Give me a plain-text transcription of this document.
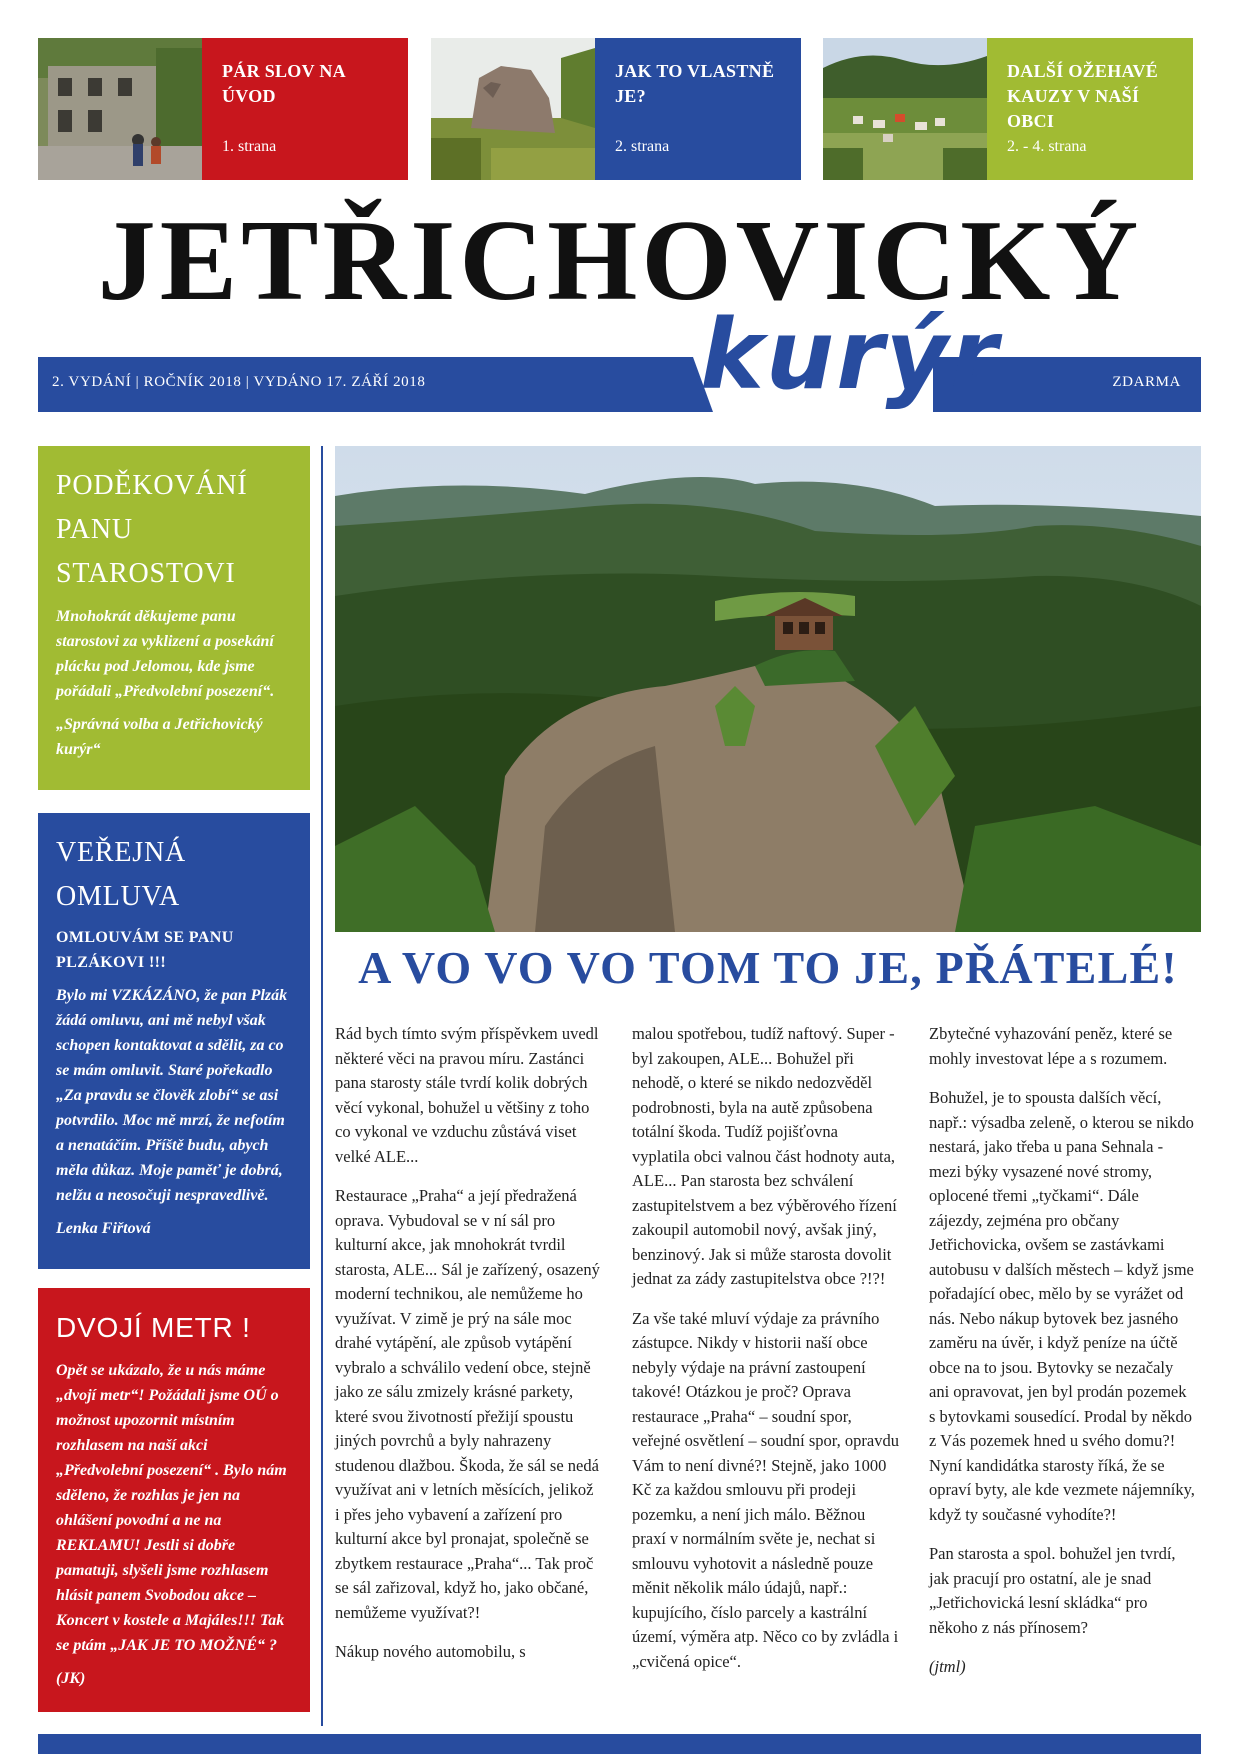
PÁR SLOV NA ÚVOD
1. strana
JAK TO VLASTNĚ JE?
2. strana
DALŠÍ OŽEHAVÉ KAUZY V NAŠÍ OBCI
2. - 4. strana
JETŘICHOVICKÝ
2. VYDÁNÍ | ROČNÍK 2018 | VYDÁNO 17. ZÁŘÍ 2018	ZDARMA
kurýr
PODĚKOVÁNÍ PANU STAROSTOVI

Mnohokrát děkujeme panu starostovi za vyklizení a posekání plácku pod Jelomou, kde jsme pořádali „Předvolební posezení“.

„Správná volba a Jetřichovický kurýr“

VEŘEJNÁ OMLUVA
OMLOUVÁM SE PANU PLZÁKOVI !!!

Bylo mi VZKÁZÁNO, že pan Plzák žádá omluvu, ani mě nebyl však schopen kontaktovat a sdělit, za co se mám omluvit. Staré pořekadlo „Za pravdu se člověk zlobí“ se asi potvrdilo. Moc mě mrzí, že nefotím a nenatáčím. Příště budu, abych měla důkaz. Moje paměť je dobrá, nelžu a neosočuji nespravedlivě.

Lenka Fiřtová

DVOJÍ METR !

Opět se ukázalo, že u nás máme „dvojí metr“! Požádali jsme OÚ o možnost upozornit místním rozhlasem na naší akci „Předvolební posezení“ . Bylo nám sděleno, že rozhlas je jen na ohlášení povodní a ne na REKLAMU! Jestli si dobře pamatuji, slyšeli jsme rozhlasem hlásit panem Svobodou akce – Koncert v kostele a Majáles!!! Tak se ptám „JAK JE TO MOŽNÉ“ ?

(JK)

A VO VO VO TOM TO JE, PŘÁTELÉ!

Rád bych tímto svým příspěvkem uvedl některé věci na pravou míru. Zastánci pana starosty stále tvrdí kolik dobrých věcí vykonal, bohužel u většiny z toho co vykonal ve vzduchu zůstává viset velké ALE...

Restaurace „Praha“ a její předražená oprava. Vybudoval se v ní sál pro kulturní akce, jak mnohokrát tvrdil starosta, ALE... Sál je zařízený, osazený moderní technikou, ale nemůžeme ho využívat. V zimě je prý na sále moc drahé vytápění, ale způsob vytápění vybralo a schválilo vedení obce, stejně jako ze sálu zmizely krásné parkety, které svou životností přežijí spoustu jiných povrchů a byly nahrazeny studenou dlažbou. Škoda, že sál se nedá využívat ani v letních měsících, jelikož i přes jeho vybavení a zařízení pro kulturní akce byl pronajat, společně se zbytkem restaurace „Praha“... Tak proč se sál zařizoval, když ho, jako občané, nemůžeme využívat?!

Nákup nového automobilu, s

malou spotřebou, tudíž naftový. Super - byl zakoupen, ALE... Bohužel při nehodě, o které se nikdo nedozvěděl podrobnosti, byla na autě způsobena totální škoda. Tudíž pojišťovna vyplatila obci valnou část hodnoty auta, ALE... Pan starosta bez schválení zastupitelstvem a bez výběrového řízení zakoupil automobil nový, avšak jiný, benzinový. Jak si může starosta dovolit jednat za zády zastupitelstva obce ?!?!

Za vše také mluví výdaje za právního zástupce. Nikdy v historii naší obce nebyly výdaje na právní zastoupení takové! Otázkou je proč? Oprava restaurace „Praha“ – soudní spor, veřejné osvětlení – soudní spor, opravdu Vám to není divné?! Stejně, jako 1000 Kč za každou smlouvu při prodeji pozemku, a není jich málo. Běžnou praxí v normálním světe je, nechat si smlouvu vyhotovit a následně pouze měnit několik málo údajů, např.: kupujícího, číslo parcely a kastrální území, výměra atp. Něco co by zvládla i „cvičená opice“.

Zbytečné vyhazování peněz, které se mohly investovat lépe a s rozumem.

Bohužel, je to spousta dalších věcí, např.: výsadba zeleně, o kterou se nikdo nestará, jako třeba u pana Sehnala - mezi býky vysazené nové stromy, oplocené třemi „tyčkami“. Dále zájezdy, zejména pro občany Jetřichovicka, ovšem se zastávkami autobusu v dalších městech – když jsme pořadající obec, mělo by se vyrážet od nás. Nebo nákup bytovek bez jasného zaměru na úvěr, i když peníze na účtě obce na to jsou. Bytovky se nezačaly ani opravovat, jen byl prodán pozemek s bytovkami sousedící. Prodal by někdo z Vás pozemek hned u svého domu?! Nyní kandidátka starosty říká, že se opraví byty, ale kde vezmete nájemníky, když ty současné vyhodíte?!

Pan starosta a spol. bohužel jen tvrdí, jak pracují pro ostatní, ale je snad „Jetřichovická lesní skládka“ pro někoho z nás přínosem?

(jtml)
